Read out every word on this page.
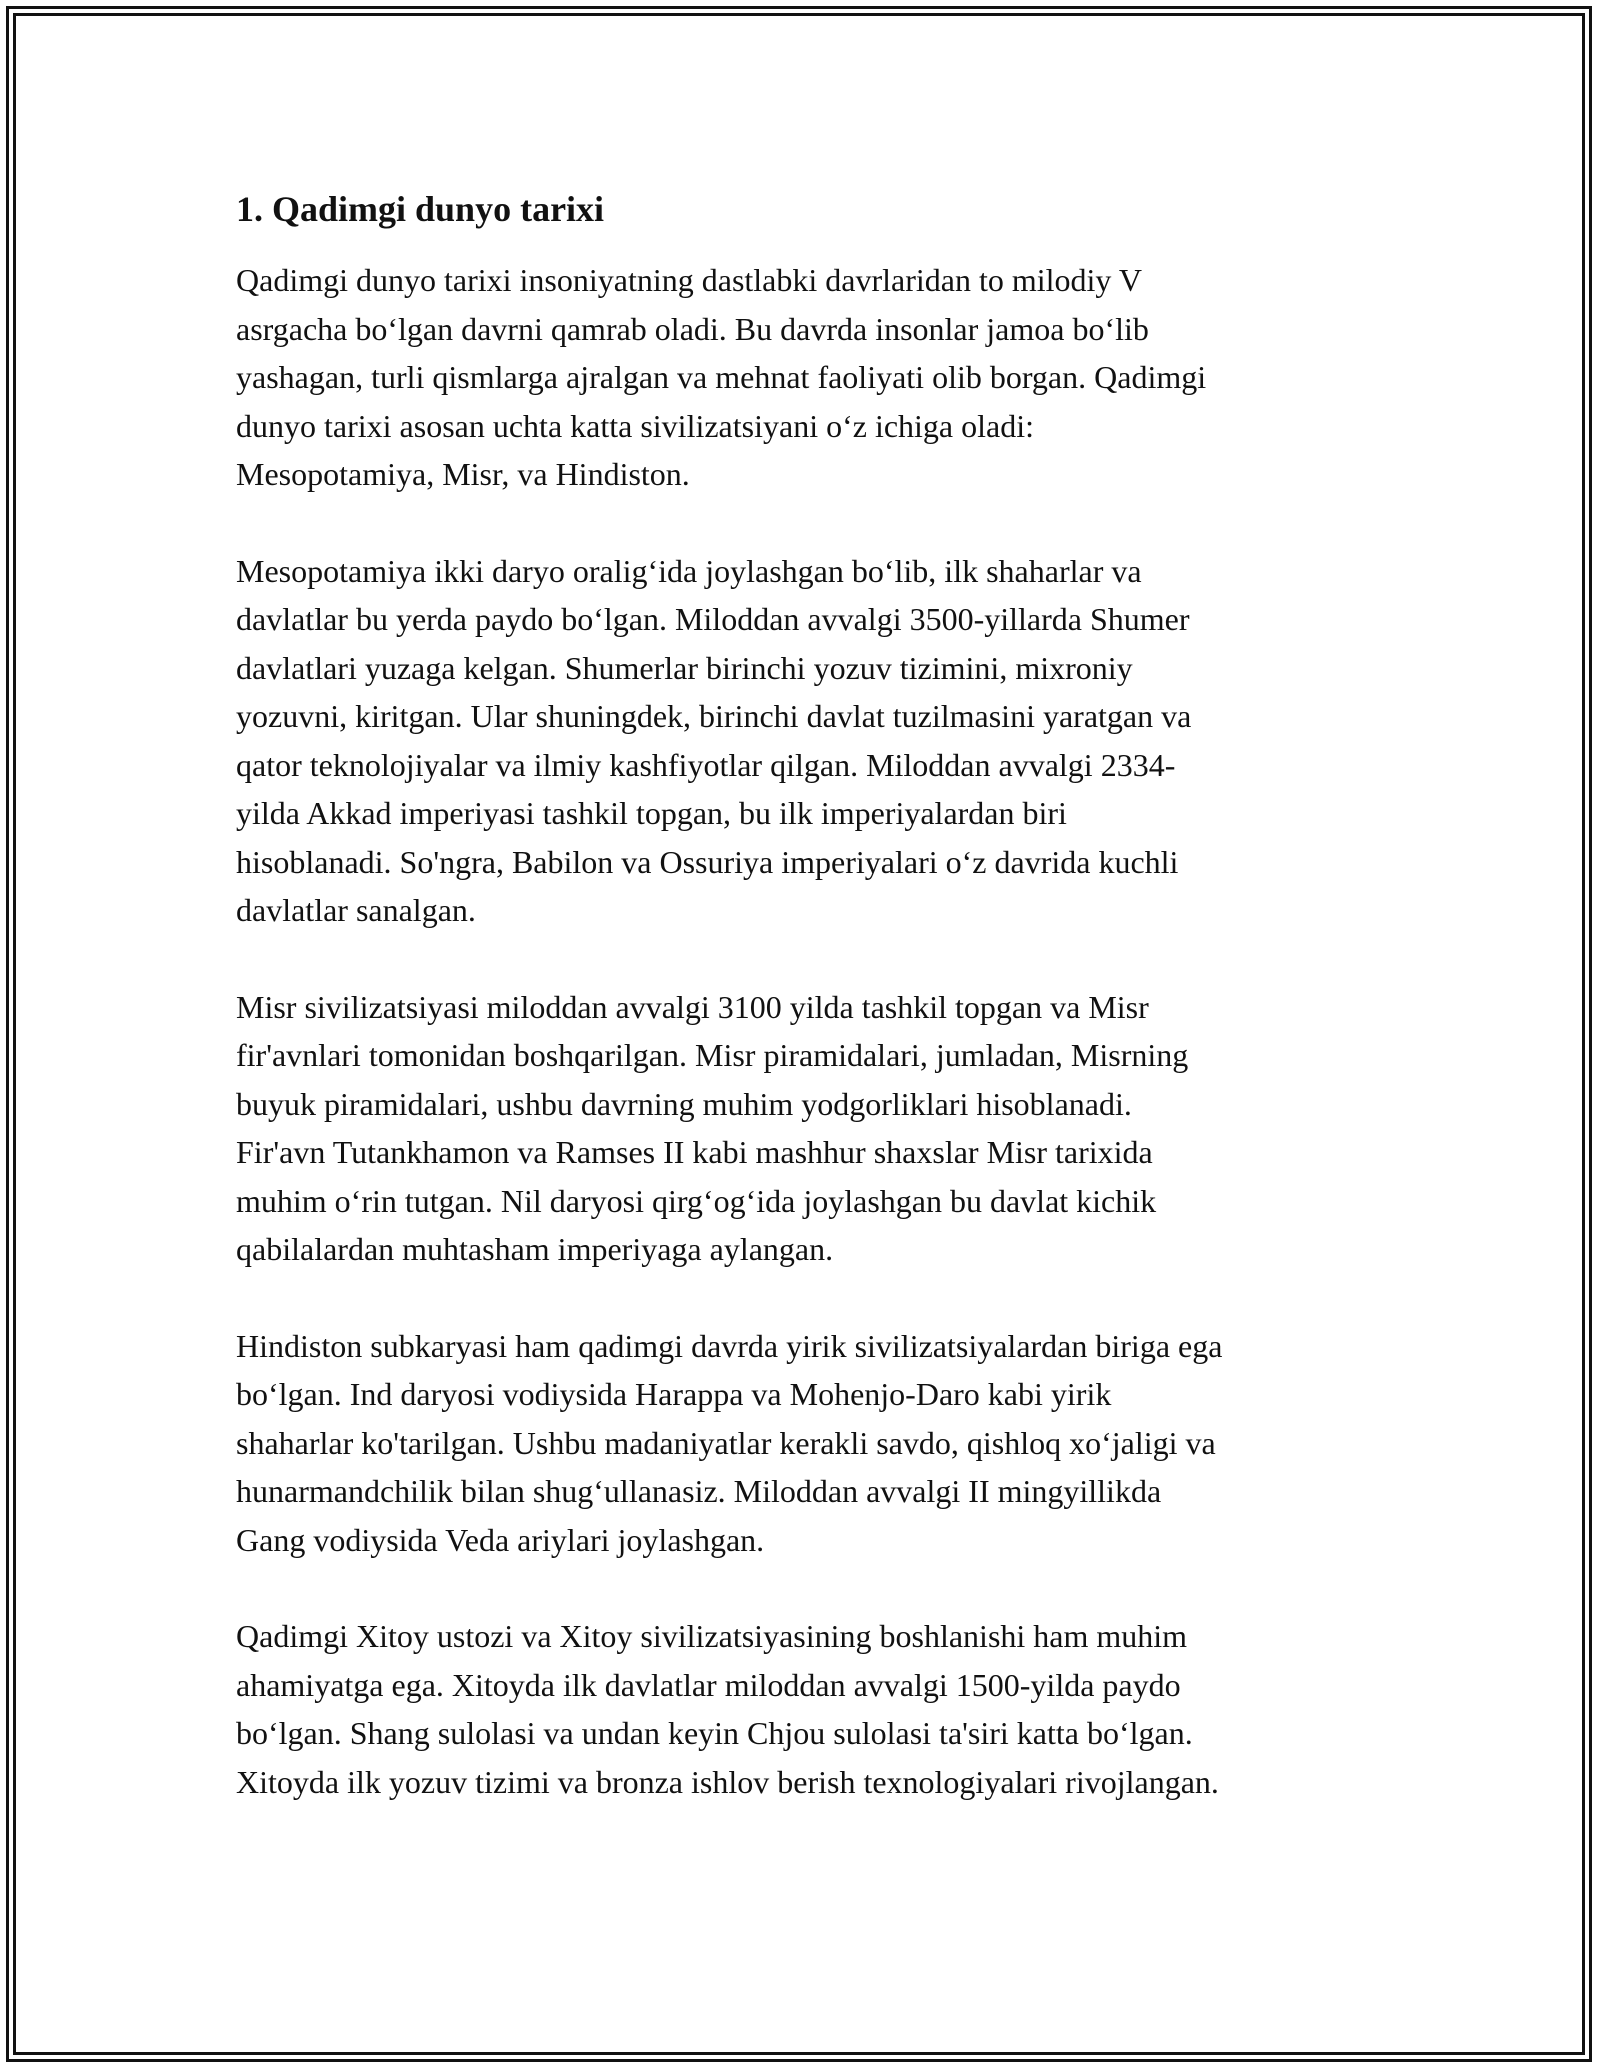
1. Qadimgi dunyo tarixi

Qadimgi dunyo tarixi insoniyatning dastlabki davrlaridan to milodiy V
asrgacha bo‘lgan davrni qamrab oladi. Bu davrda insonlar jamoa bo‘lib
yashagan, turli qismlarga ajralgan va mehnat faoliyati olib borgan. Qadimgi
dunyo tarixi asosan uchta katta sivilizatsiyani o‘z ichiga oladi:
Mesopotamiya, Misr, va Hindiston.

Mesopotamiya ikki daryo oralig‘ida joylashgan bo‘lib, ilk shaharlar va
davlatlar bu yerda paydo bo‘lgan. Miloddan avvalgi 3500-yillarda Shumer
davlatlari yuzaga kelgan. Shumerlar birinchi yozuv tizimini, mixroniy
yozuvni, kiritgan. Ular shuningdek, birinchi davlat tuzilmasini yaratgan va
qator teknolojiyalar va ilmiy kashfiyotlar qilgan. Miloddan avvalgi 2334-
yilda Akkad imperiyasi tashkil topgan, bu ilk imperiyalardan biri
hisoblanadi. So'ngra, Babilon va Ossuriya imperiyalari o‘z davrida kuchli
davlatlar sanalgan.

Misr sivilizatsiyasi miloddan avvalgi 3100 yilda tashkil topgan va Misr
fir'avnlari tomonidan boshqarilgan. Misr piramidalari, jumladan, Misrning
buyuk piramidalari, ushbu davrning muhim yodgorliklari hisoblanadi.
Fir'avn Tutankhamon va Ramses II kabi mashhur shaxslar Misr tarixida
muhim o‘rin tutgan. Nil daryosi qirg‘og‘ida joylashgan bu davlat kichik
qabilalardan muhtasham imperiyaga aylangan.

Hindiston subkaryasi ham qadimgi davrda yirik sivilizatsiyalardan biriga ega
bo‘lgan. Ind daryosi vodiysida Harappa va Mohenjo-Daro kabi yirik
shaharlar ko'tarilgan. Ushbu madaniyatlar kerakli savdo, qishloq xo‘jaligi va
hunarmandchilik bilan shug‘ullanasiz. Miloddan avvalgi II mingyillikda
Gang vodiysida Veda ariylari joylashgan.

Qadimgi Xitoy ustozi va Xitoy sivilizatsiyasining boshlanishi ham muhim
ahamiyatga ega. Xitoyda ilk davlatlar miloddan avvalgi 1500-yilda paydo
bo‘lgan. Shang sulolasi va undan keyin Chjou sulolasi ta'siri katta bo‘lgan.
Xitoyda ilk yozuv tizimi va bronza ishlov berish texnologiyalari rivojlangan.
